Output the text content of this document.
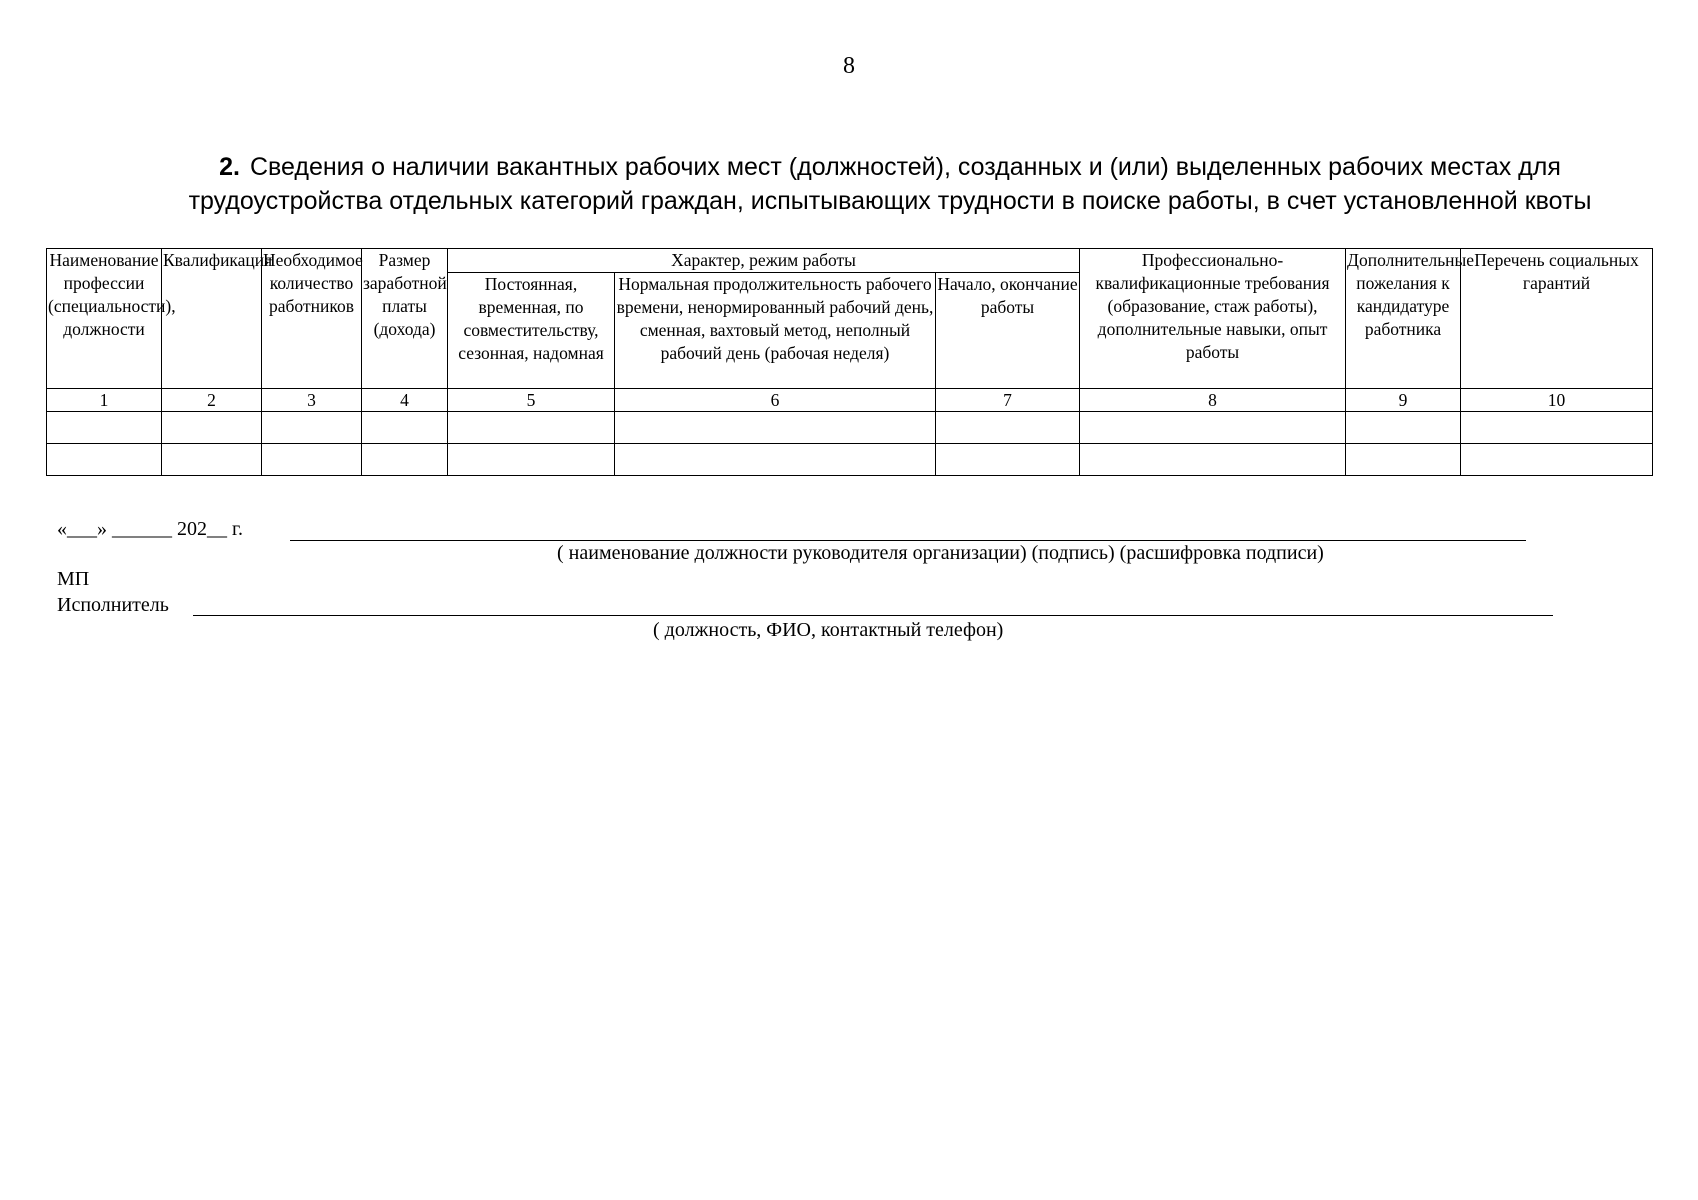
8
2. Сведения о наличии вакантных рабочих мест (должностей), созданных и (или) выделенных рабочих местах для трудоустройства отдельных категорий граждан, испытывающих трудности в поиске работы, в счет установленной квоты
Наименование профессии (специальности), должности	Квалификация	Необходимое количество работников	Размер заработной платы (дохода)	Характер, режим работы			Профессионально-квалификационные требования (образование, стаж работы), дополнительные навыки, опыт работы	Дополнительные пожелания к кандидатуре работника	Перечень социальных гарантий
				Постоянная, временная, по совместительству, сезонная, надомная	Нормальная продолжительность рабочего времени, ненормированный рабочий день, сменная, вахтовый метод, неполный рабочий день (рабочая неделя)	Начало, окончание работы			
1	2	3	4	5	6	7	8	9	10

«___» ______ 202__ г.
( наименование должности руководителя организации) (подпись) (расшифровка подписи)
МП
Исполнитель
( должность, ФИО, контактный телефон)
